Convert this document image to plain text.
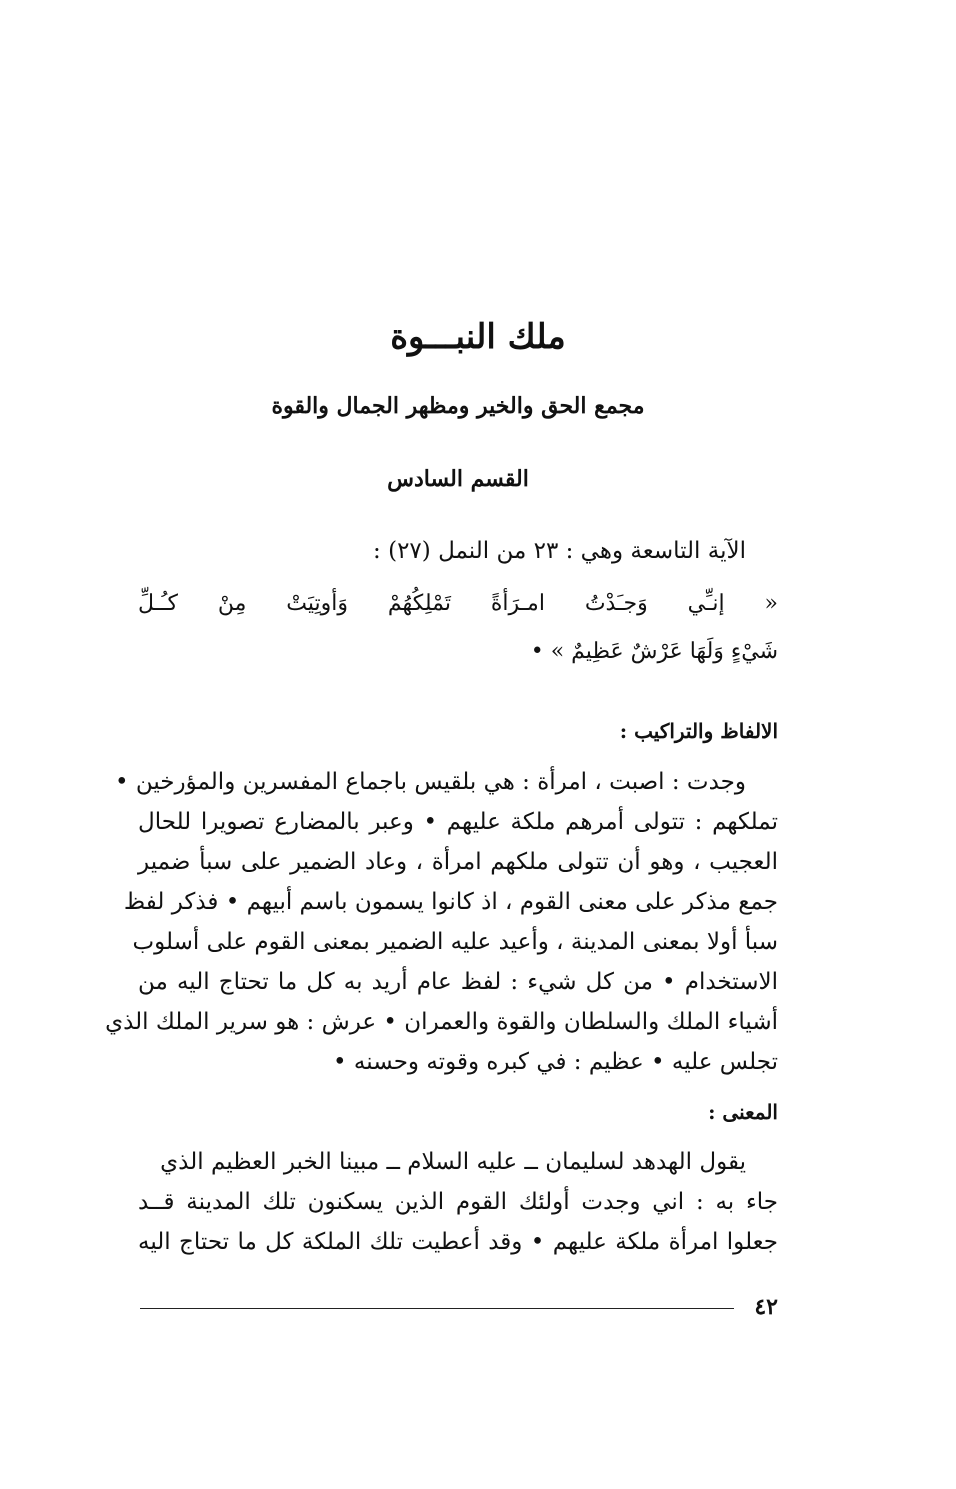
ملك النبـــوة
مجمع الحق والخير ومظهر الجمال والقوة
القسم السادس
الآية التاسعة وهي : ٢٣ من النمل (٢٧) :
« إنـِّي وَجـَدْتُ امـرَأةً تَمْلِكُهُمْ وَأوتِيَتْ مِنْ كـُـلِّ
شَيْءٍ وَلَهَا عَرْشٌ عَظِيمٌ » •
الالفاظ والتراكيب :
وجدت : اصبت ، امرأة : هي بلقيس باجماع المفسرين والمؤرخين •
تملكهم : تتولى أمرهم ملكة عليهم • وعبر بالمضارع تصويرا للحال
العجيب ، وهو أن تتولى ملكهم امرأة ، وعاد الضمير على سبأ ضمير
جمع مذكر على معنى القوم ، اذ كانوا يسمون باسم أبيهم • فذكر لفظ
سبأ أولا بمعنى المدينة ، وأعيد عليه الضمير بمعنى القوم على أسلوب
الاستخدام • من كل شيء : لفظ عام أريد به كل ما تحتاج اليه من
أشياء الملك والسلطان والقوة والعمران • عرش : هو سرير الملك الذي
تجلس عليه • عظيم : في كبره وقوته وحسنه •
المعنى :
يقول الهدهد لسليمان ــ عليه السلام ــ مبينا الخبر العظيم الذي
جاء به : اني وجدت أولئك القوم الذين يسكنون تلك المدينة قــد
جعلوا امرأة ملكة عليهم • وقد أعطيت تلك الملكة كل ما تحتاج اليه
٤٢
